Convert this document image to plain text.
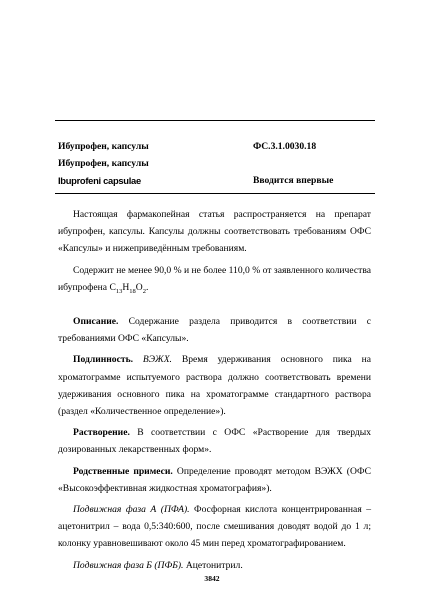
Ибупрофен, капсулы	ФС.3.1.0030.18
Ибупрофен, капсулы
Ibuprofeni capsulae	Вводится впервые

Настоящая фармакопейная статья распространяется на препарат ибупрофен, капсулы. Капсулы должны соответствовать требованиям ОФС «Капсулы» и нижеприведённым требованиям.

Содержит не менее 90,0 % и не более 110,0 % от заявленного количества ибупрофена $C_{13}H_{18}O_2$.

Описание. Содержание раздела приводится в соответствии с требованиями ОФС «Капсулы».

Подлинность. ВЭЖХ. Время удерживания основного пика на хроматограмме испытуемого раствора должно соответствовать времени удерживания основного пика на хроматограмме стандартного раствора (раздел «Количественное определение»).

Растворение. В соответствии с ОФС «Растворение для твердых дозированных лекарственных форм».

Родственные примеси. Определение проводят методом ВЭЖХ (ОФС «Высокоэффективная жидкостная хроматография»).

Подвижная фаза А (ПФА). Фосфорная кислота концентрированная – ацетонитрил – вода 0,5:340:600, после смешивания доводят водой до 1 л; колонку уравновешивают около 45 мин перед хроматографированием.

Подвижная фаза Б (ПФБ). Ацетонитрил.

3842
